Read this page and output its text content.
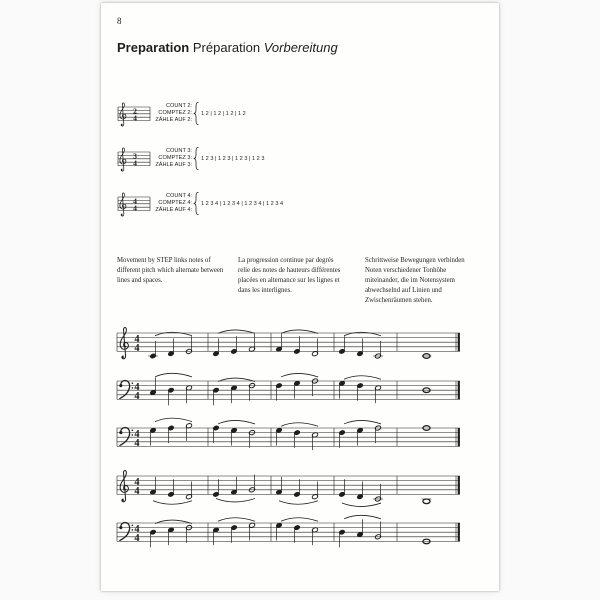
8
Preparation Préparation Vorbereitung
COUNT 2:
COMPTEZ 2:
ZÄHLE AUF 2:
1 2 | 1 2 | 1 2 | 1 2
COUNT 3:
COMPTEZ 3:
ZÄHLE AUF 3:
1 2 3 | 1 2 3 | 1 2 3 | 1 2 3
COUNT 4:
COMPTEZ 4:
ZÄHLE AUF 4:
1 2 3 4 | 1 2 3 4 | 1 2 3 4 | 1 2 3 4
Movement by STEP links notes of
different pitch which alternate between
lines and spaces.
La progression continue par degrés
relie des notes de hauteurs différentes
placées en alternance sur les lignes et
dans les interlignes.
Schrittweise Bewegungen verbinden
Noten verschiedener Tonhöhe
miteinander, die im Notensystem
abwechselnd auf Linien und
Zwischenräumen stehen.
2
4
3
4
4
4
4
4
4
4
4
4
4
4
4
4
